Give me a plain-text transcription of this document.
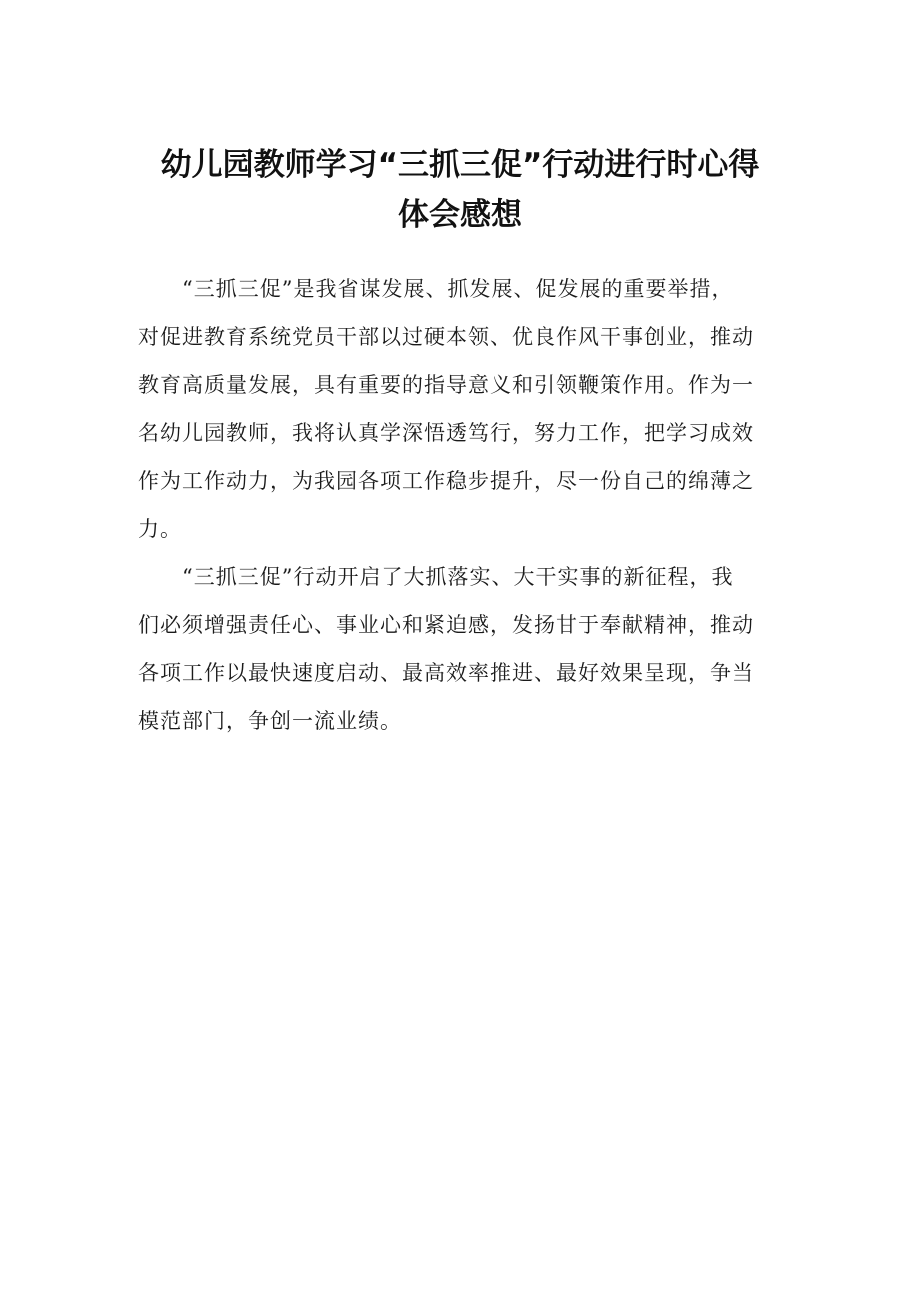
幼儿园教师学习“三抓三促”行动进行时心得
体会感想
　　“三抓三促”是我省谋发展、抓发展、促发展的重要举措，
对促进教育系统党员干部以过硬本领、优良作风干事创业，推动
教育高质量发展，具有重要的指导意义和引领鞭策作用。作为一
名幼儿园教师，我将认真学深悟透笃行，努力工作，把学习成效
作为工作动力，为我园各项工作稳步提升，尽一份自己的绵薄之
力。
　　“三抓三促”行动开启了大抓落实、大干实事的新征程，我
们必须增强责任心、事业心和紧迫感，发扬甘于奉献精神，推动
各项工作以最快速度启动、最高效率推进、最好效果呈现，争当
模范部门，争创一流业绩。
